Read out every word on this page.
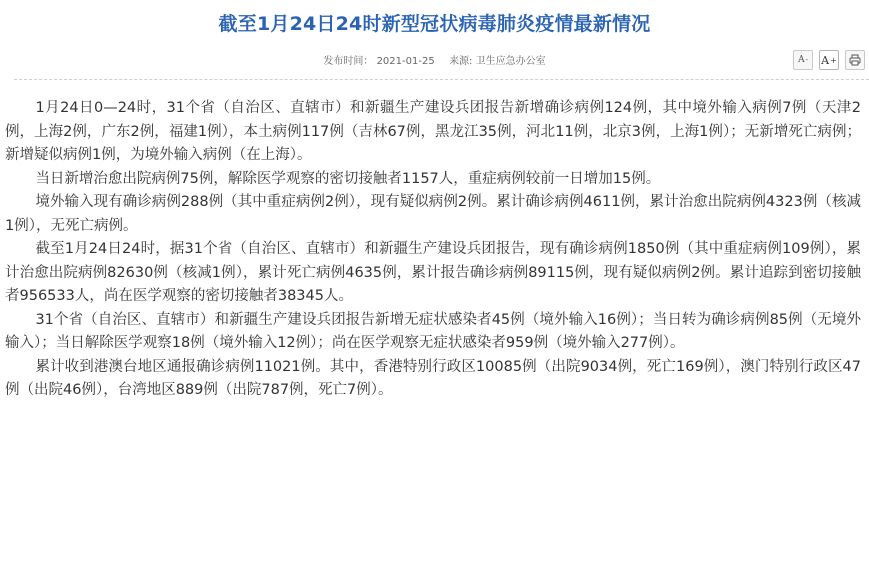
截至1月24日24时新型冠状病毒肺炎疫情最新情况
发布时间： 2021-01-25 来源: 卫生应急办公室	A - A +

1月24日0—24时，31个省（自治区、直辖市）和新疆生产建设兵团报告新增确诊病例124例，其中境外输入病例7例（天津2例，上海2例，广东2例，福建1例），本土病例117例（吉林67例，黑龙江35例，河北11例，北京3例，上海1例）；无新增死亡病例；新增疑似病例1例，为境外输入病例（在上海）。

当日新增治愈出院病例75例，解除医学观察的密切接触者1157人，重症病例较前一日增加15例。

境外输入现有确诊病例288例（其中重症病例2例），现有疑似病例2例。累计确诊病例4611例，累计治愈出院病例4323例（核减1例），无死亡病例。

截至1月24日24时，据31个省（自治区、直辖市）和新疆生产建设兵团报告，现有确诊病例1850例（其中重症病例109例），累计治愈出院病例82630例（核减1例），累计死亡病例4635例，累计报告确诊病例89115例，现有疑似病例2例。累计追踪到密切接触者956533人，尚在医学观察的密切接触者38345人。

31个省（自治区、直辖市）和新疆生产建设兵团报告新增无症状感染者45例（境外输入16例）；当日转为确诊病例85例（无境外输入）；当日解除医学观察18例（境外输入12例）；尚在医学观察无症状感染者959例（境外输入277例）。

累计收到港澳台地区通报确诊病例11021例。其中，香港特别行政区10085例（出院9034例，死亡169例），澳门特别行政区47例（出院46例），台湾地区889例（出院787例，死亡7例）。
